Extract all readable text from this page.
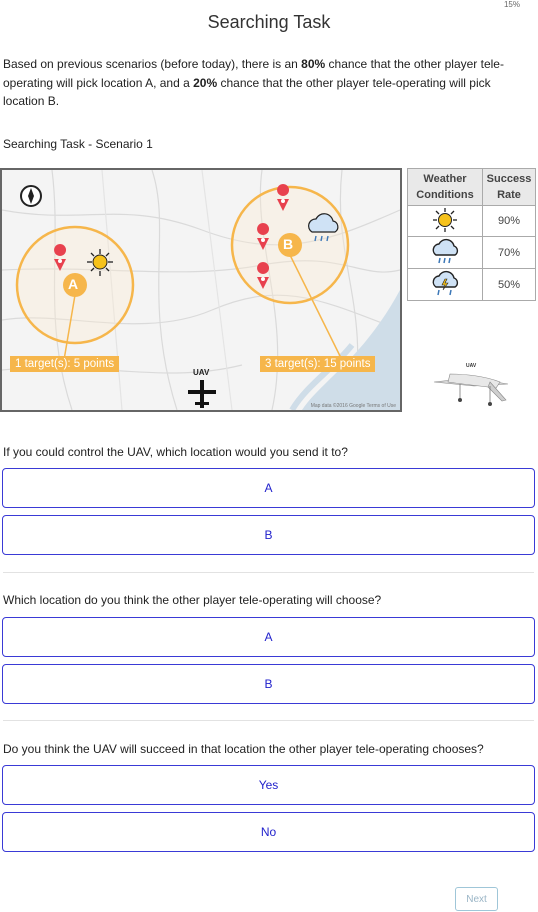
15%
Searching Task
Based on previous scenarios (before today), there is an 80% chance that the other player tele-operating will pick location A, and a 20% chance that the other player tele-operating will pick location B.
Searching Task - Scenario 1
1 target(s): 5 points	3 target(s): 15 points
UAV
A
B
Map data ©2016 Google Terms of Use
Weather Conditions	Success Rate
	90%
	70%
	50%
UAV
If you could control the UAV, which location would you send it to?
A
B
Which location do you think the other player tele-operating will choose?
A
B
Do you think the UAV will succeed in that location the other player tele-operating chooses?
Yes
No
Next
